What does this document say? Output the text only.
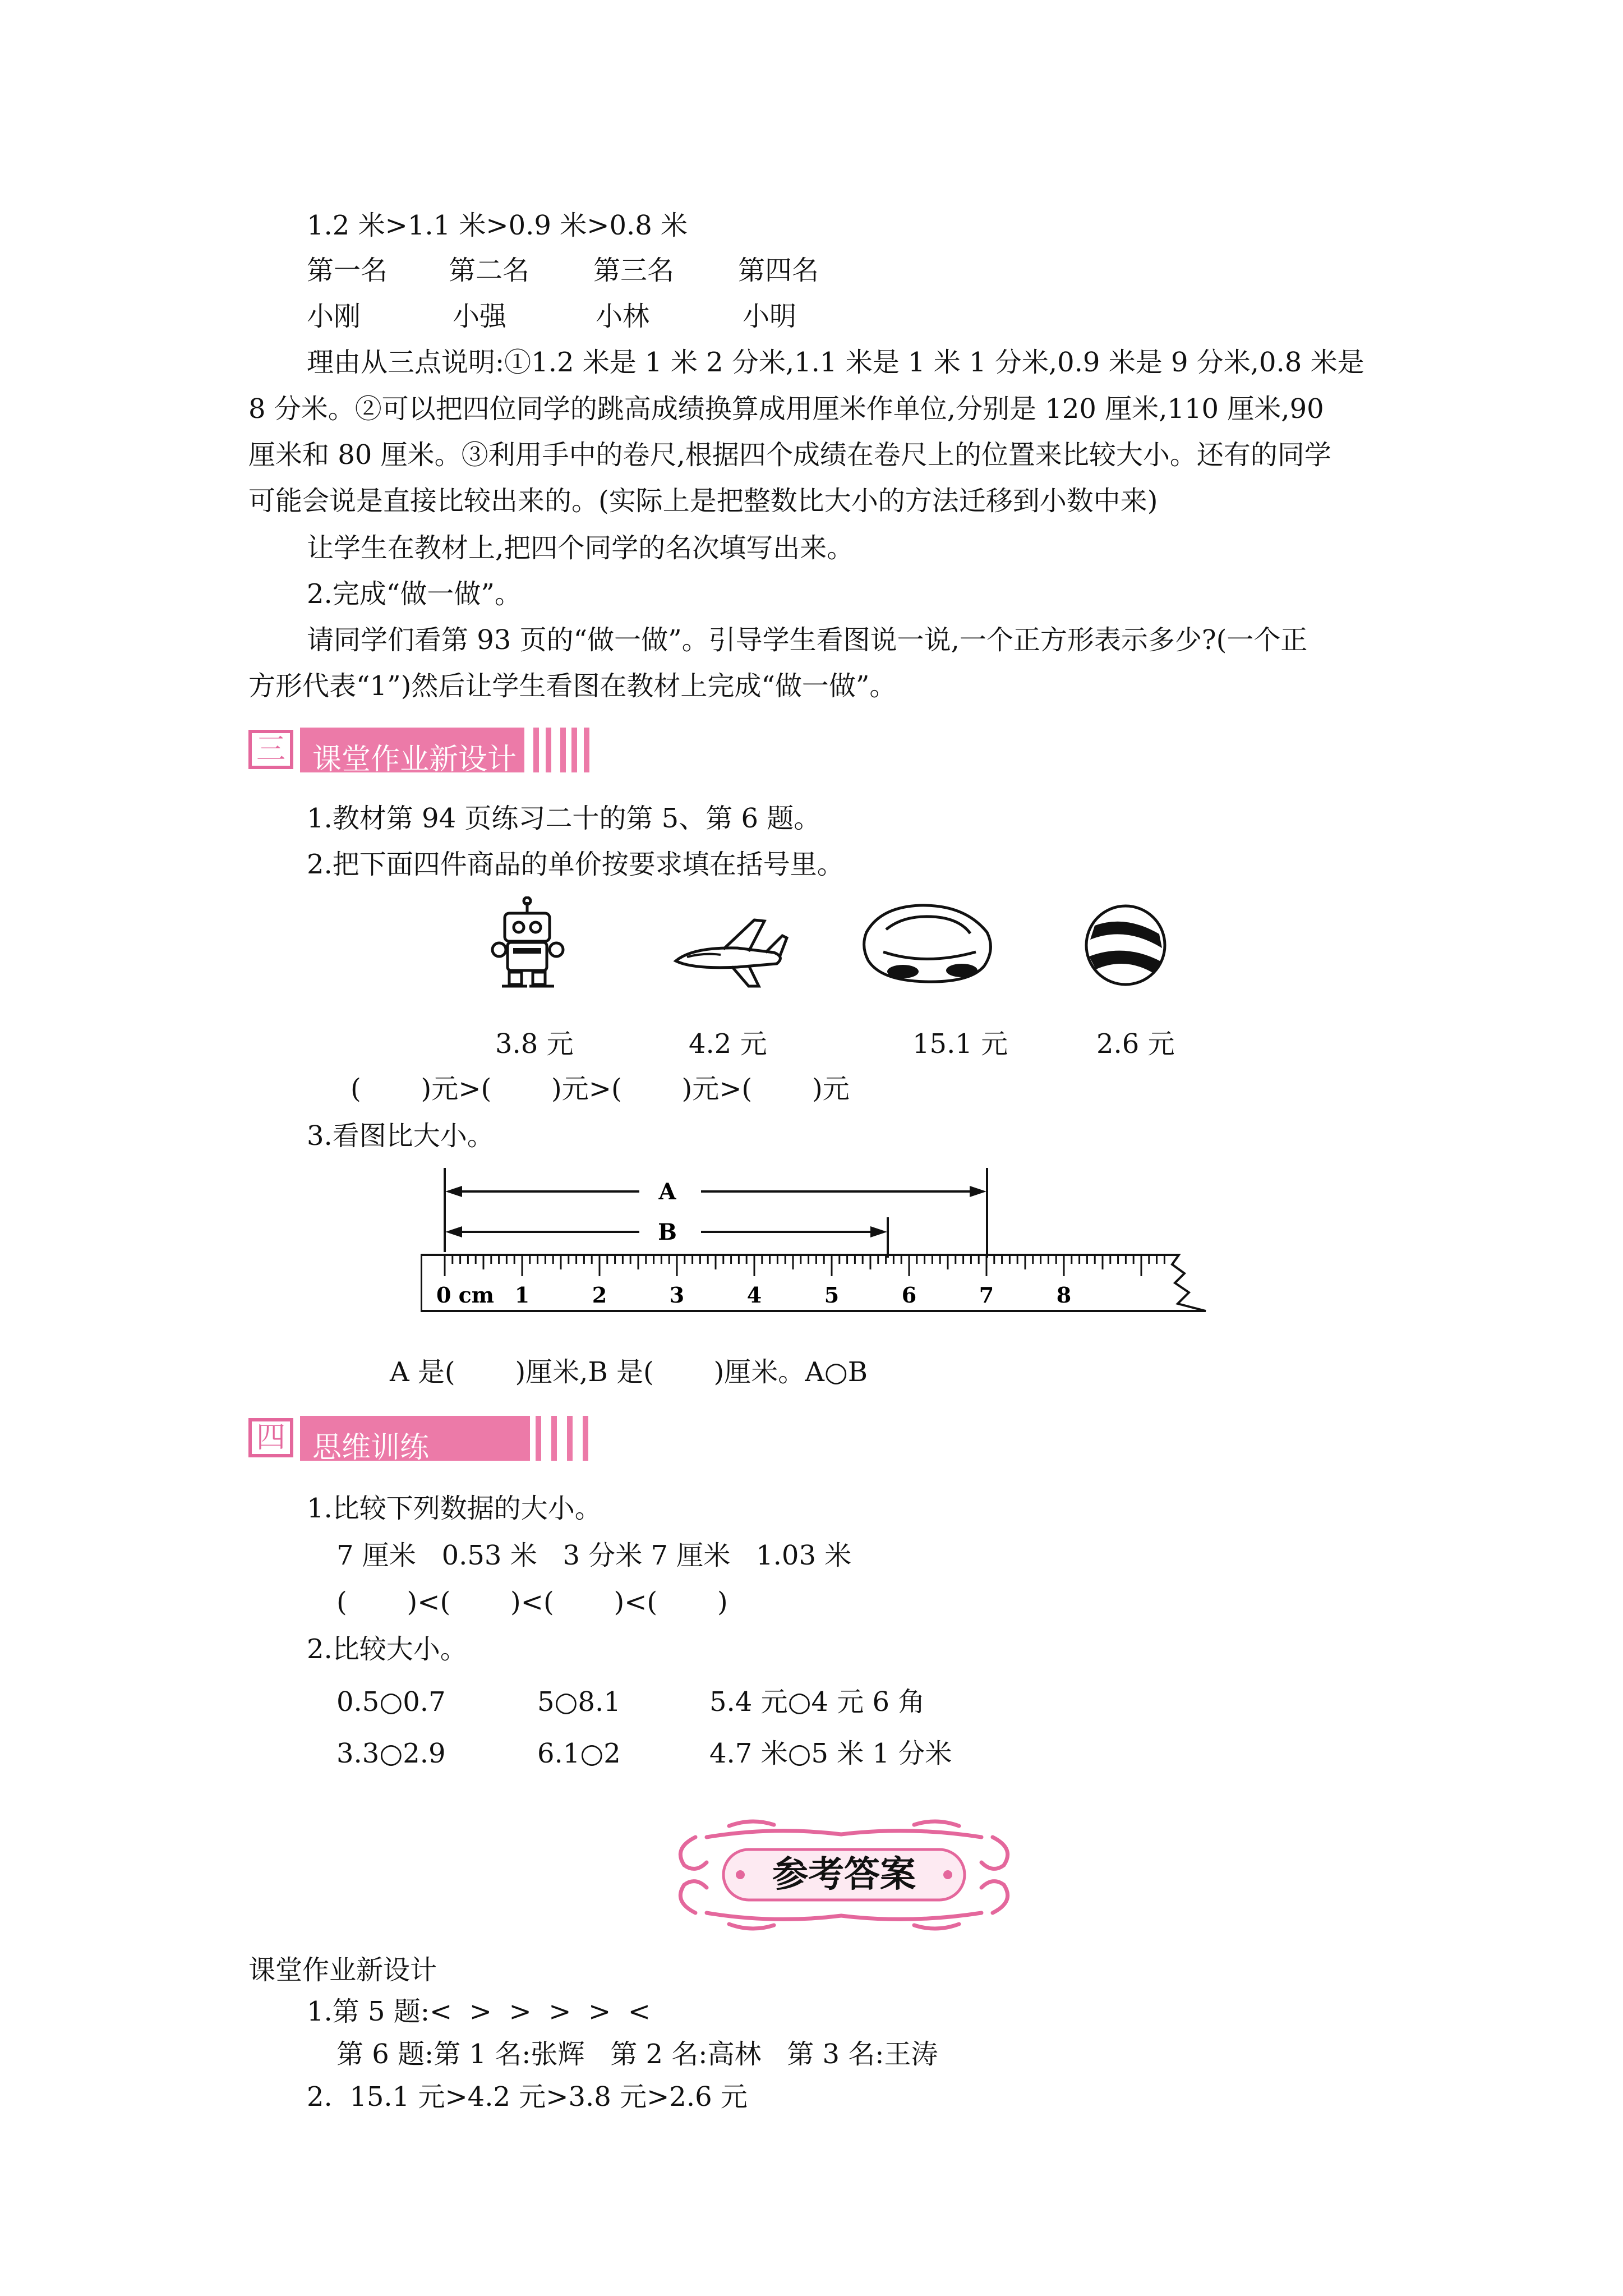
1.2 米>1.1 米>0.9 米>0.8 米
第一名 第二名 第三名 第四名
小刚	小强	小林	小明
理由从三点说明:①1.2 米是 1 米 2 分米,1.1 米是 1 米 1 分米,0.9 米是 9 分米,0.8 米是
8 分米。②可以把四位同学的跳高成绩换算成用厘米作单位,分别是 120 厘米,110 厘米,90
厘米和 80 厘米。③利用手中的卷尺,根据四个成绩在卷尺上的位置来比较大小。还有的同学
可能会说是直接比较出来的。(实际上是把整数比大小的方法迁移到小数中来)
让学生在教材上,把四个同学的名次填写出来。
2.完成“做一做”。
请同学们看第 93 页的“做一做”。引导学生看图说一说,一个正方形表示多少?(一个正
方形代表“1”)然后让学生看图在教材上完成“做一做”。
三 课堂作业新设计
1.教材第 94 页练习二十的第 5、第 6 题。
2.把下面四件商品的单价按要求填在括号里。
3.8 元	4.2 元	15.1 元	2.6 元
(       )元>(       )元>(       )元>(       )元
3.看图比大小。
A
B
0 cm 1	2	3	4	5	6	7	8
A 是(       )厘米,B 是(       )厘米。A○B
四 思维训练
1.比较下列数据的大小。
7 厘米   0.53 米   3 分米 7 厘米   1.03 米
(       )<(       )<(       )<(       )
2.比较大小。
0.5○0.7	5○8.1	5.4 元○4 元 6 角
3.3○2.9	6.1○2	4.7 米○5 米 1 分米
参考答案
课堂作业新设计
1.第 5 题:<  >  >  >  >  <
第 6 题:第 1 名:张辉   第 2 名:高林   第 3 名:王涛
2.  15.1 元>4.2 元>3.8 元>2.6 元
